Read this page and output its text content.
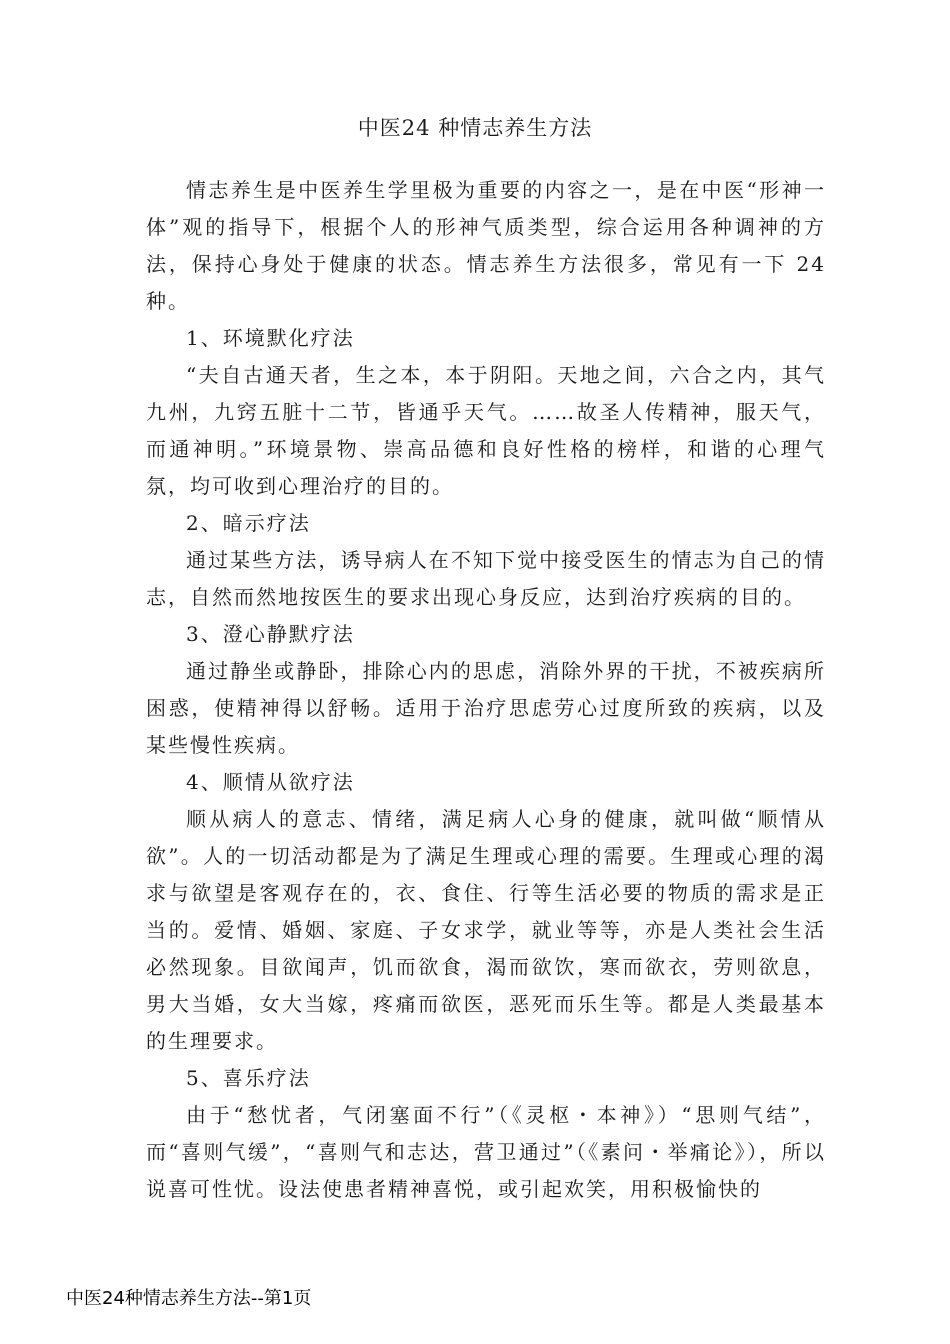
中医24 种情志养生方法

情志养生是中医养生学里极为重要的内容之一，是在中医“形神一体”观的指导下，根据个人的形神气质类型，综合运用各种调神的方法，保持心身处于健康的状态。情志养生方法很多，常见有一下 24 种。

1、环境默化疗法

“夫自古通天者，生之本，本于阴阳。天地之间，六合之内，其气九州，九窍五脏十二节，皆通乎天气。……故圣人传精神，服天气，而通神明。”环境景物、崇高品德和良好性格的榜样，和谐的心理气氛，均可收到心理治疗的目的。

2、暗示疗法

通过某些方法，诱导病人在不知下觉中接受医生的情志为自己的情志，自然而然地按医生的要求出现心身反应，达到治疗疾病的目的。

3、澄心静默疗法

通过静坐或静卧，排除心内的思虑，消除外界的干扰，不被疾病所困惑，使精神得以舒畅。适用于治疗思虑劳心过度所致的疾病，以及某些慢性疾病。

4、顺情从欲疗法

顺从病人的意志、情绪，满足病人心身的健康，就叫做“顺情从欲”。人的一切活动都是为了满足生理或心理的需要。生理或心理的渴求与欲望是客观存在的，衣、食住、行等生活必要的物质的需求是正当的。爱情、婚姻、家庭、子女求学，就业等等，亦是人类社会生活必然现象。目欲闻声，饥而欲食，渴而欲饮，寒而欲衣，劳则欲息，男大当婚，女大当嫁，疼痛而欲医，恶死而乐生等。都是人类最基本的生理要求。

5、喜乐疗法

由于“愁忧者，气闭塞面不行”（《灵枢・本神》）“思则气结”，而“喜则气缓”，“喜则气和志达，营卫通过”（《素问・举痛论》），所以说喜可性忧。设法使患者精神喜悦，或引起欢笑，用积极愉快的

中医24种情志养生方法--第1页
